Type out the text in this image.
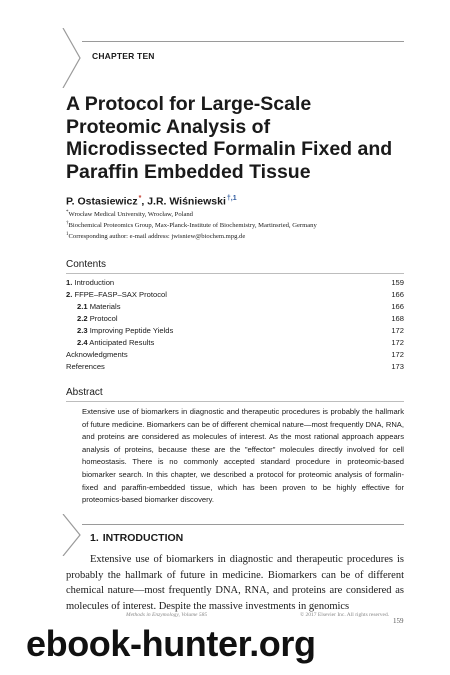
CHAPTER TEN
A Protocol for Large-Scale Proteomic Analysis of Microdissected Formalin Fixed and Paraffin Embedded Tissue
P. Ostasiewicz*, J.R. Wiśniewski$^{\dagger,1}$
*Wrocław Medical University, Wrocław, Poland
†Biochemical Proteomics Group, Max-Planck-Institute of Biochemistry, Martinsried, Germany
$^1$Corresponding author: e-mail address: jwisniew@biochem.mpg.de
Contents
1. Introduction	159
2. FFPE–FASP–SAX Protocol	166
2.1 Materials	166
2.2 Protocol	168
2.3 Improving Peptide Yields	172
2.4 Anticipated Results	172
Acknowledgments	172
References	173
Abstract

Extensive use of biomarkers in diagnostic and therapeutic procedures is probably the hallmark of future medicine. Biomarkers can be of different chemical nature—most frequently DNA, RNA, and proteins are considered as molecules of interest. As the most rational approach appears analysis of proteins, because these are the "effector" molecules directly involved for cell homeostasis. There is no commonly accepted standard procedure in proteomic-based biomarker search. In this chapter, we described a protocol for proteomic analysis of formalin-fixed and paraffin-embedded tissue, which has been proven to be highly effective for proteomics-based biomarker discovery.

1. INTRODUCTION

Extensive use of biomarkers in diagnostic and therapeutic procedures is probably the hallmark of future in medicine. Biomarkers can be of different chemical nature—most frequently DNA, RNA, and proteins are considered as molecules of interest. Despite the massive investments in genomics

Methods in Enzymology, Volume 585	© 2017 Elsevier Inc. All rights reserved.
159
ebook-hunter.org
